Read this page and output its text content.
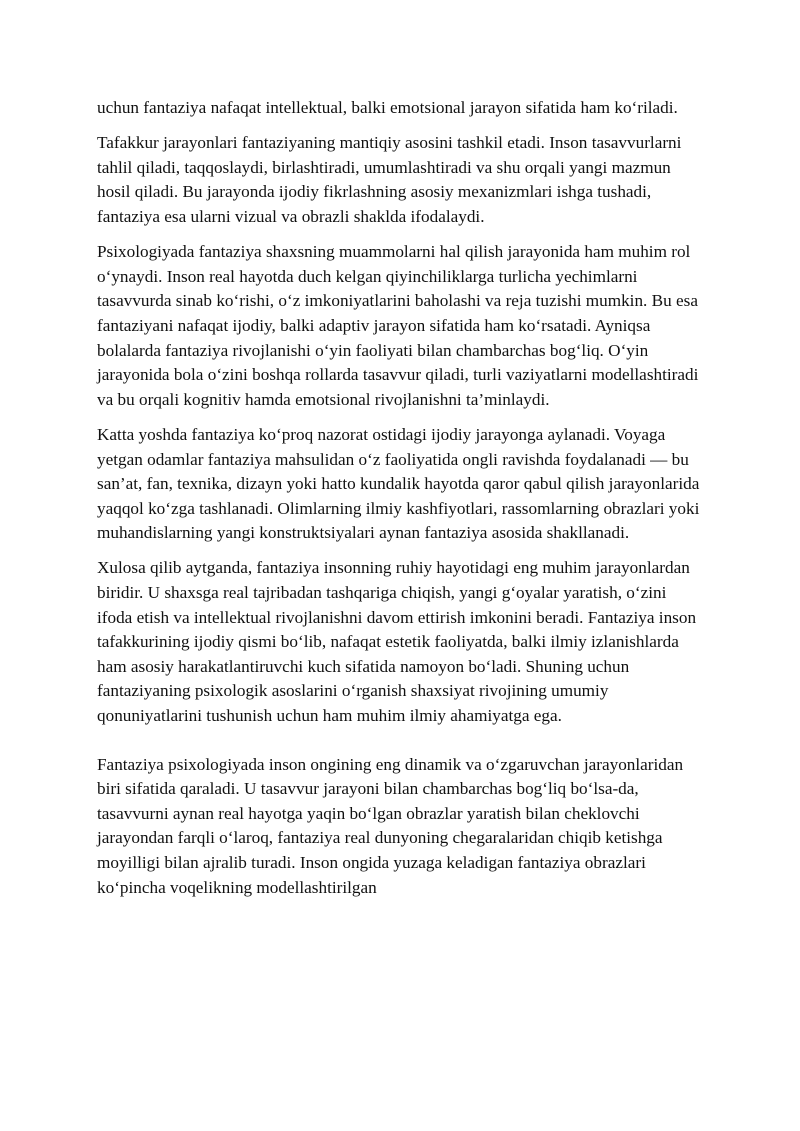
uchun fantaziya nafaqat intellektual, balki emotsional jarayon sifatida ham ko‘riladi.

Tafakkur jarayonlari fantaziyaning mantiqiy asosini tashkil etadi. Inson tasavvurlarni tahlil qiladi, taqqoslaydi, birlashtiradi, umumlashtiradi va shu orqali yangi mazmun hosil qiladi. Bu jarayonda ijodiy fikrlashning asosiy mexanizmlari ishga tushadi, fantaziya esa ularni vizual va obrazli shaklda ifodalaydi.

Psixologiyada fantaziya shaxsning muammolarni hal qilish jarayonida ham muhim rol o‘ynaydi. Inson real hayotda duch kelgan qiyinchiliklarga turlicha yechimlarni tasavvurda sinab ko‘rishi, o‘z imkoniyatlarini baholashi va reja tuzishi mumkin. Bu esa fantaziyani nafaqat ijodiy, balki adaptiv jarayon sifatida ham ko‘rsatadi. Ayniqsa bolalarda fantaziya rivojlanishi o‘yin faoliyati bilan chambarchas bog‘liq. O‘yin jarayonida bola o‘zini boshqa rollarda tasavvur qiladi, turli vaziyatlarni modellashtiradi va bu orqali kognitiv hamda emotsional rivojlanishni ta’minlaydi.

Katta yoshda fantaziya ko‘proq nazorat ostidagi ijodiy jarayonga aylanadi. Voyaga yetgan odamlar fantaziya mahsulidan o‘z faoliyatida ongli ravishda foydalanadi — bu san’at, fan, texnika, dizayn yoki hatto kundalik hayotda qaror qabul qilish jarayonlarida yaqqol ko‘zga tashlanadi. Olimlarning ilmiy kashfiyotlari, rassomlarning obrazlari yoki muhandislarning yangi konstruktsiyalari aynan fantaziya asosida shakllanadi.

Xulosa qilib aytganda, fantaziya insonning ruhiy hayotidagi eng muhim jarayonlardan biridir. U shaxsga real tajribadan tashqariga chiqish, yangi g‘oyalar yaratish, o‘zini ifoda etish va intellektual rivojlanishni davom ettirish imkonini beradi. Fantaziya inson tafakkurining ijodiy qismi bo‘lib, nafaqat estetik faoliyatda, balki ilmiy izlanishlarda ham asosiy harakatlantiruvchi kuch sifatida namoyon bo‘ladi. Shuning uchun fantaziyaning psixologik asoslarini o‘rganish shaxsiyat rivojining umumiy qonuniyatlarini tushunish uchun ham muhim ilmiy ahamiyatga ega.

Fantaziya psixologiyada inson ongining eng dinamik va o‘zgaruvchan jarayonlaridan biri sifatida qaraladi. U tasavvur jarayoni bilan chambarchas bog‘liq bo‘lsa-da, tasavvurni aynan real hayotga yaqin bo‘lgan obrazlar yaratish bilan cheklovchi jarayondan farqli o‘laroq, fantaziya real dunyoning chegaralaridan chiqib ketishga moyilligi bilan ajralib turadi. Inson ongida yuzaga keladigan fantaziya obrazlari ko‘pincha voqelikning modellashtirilgan
